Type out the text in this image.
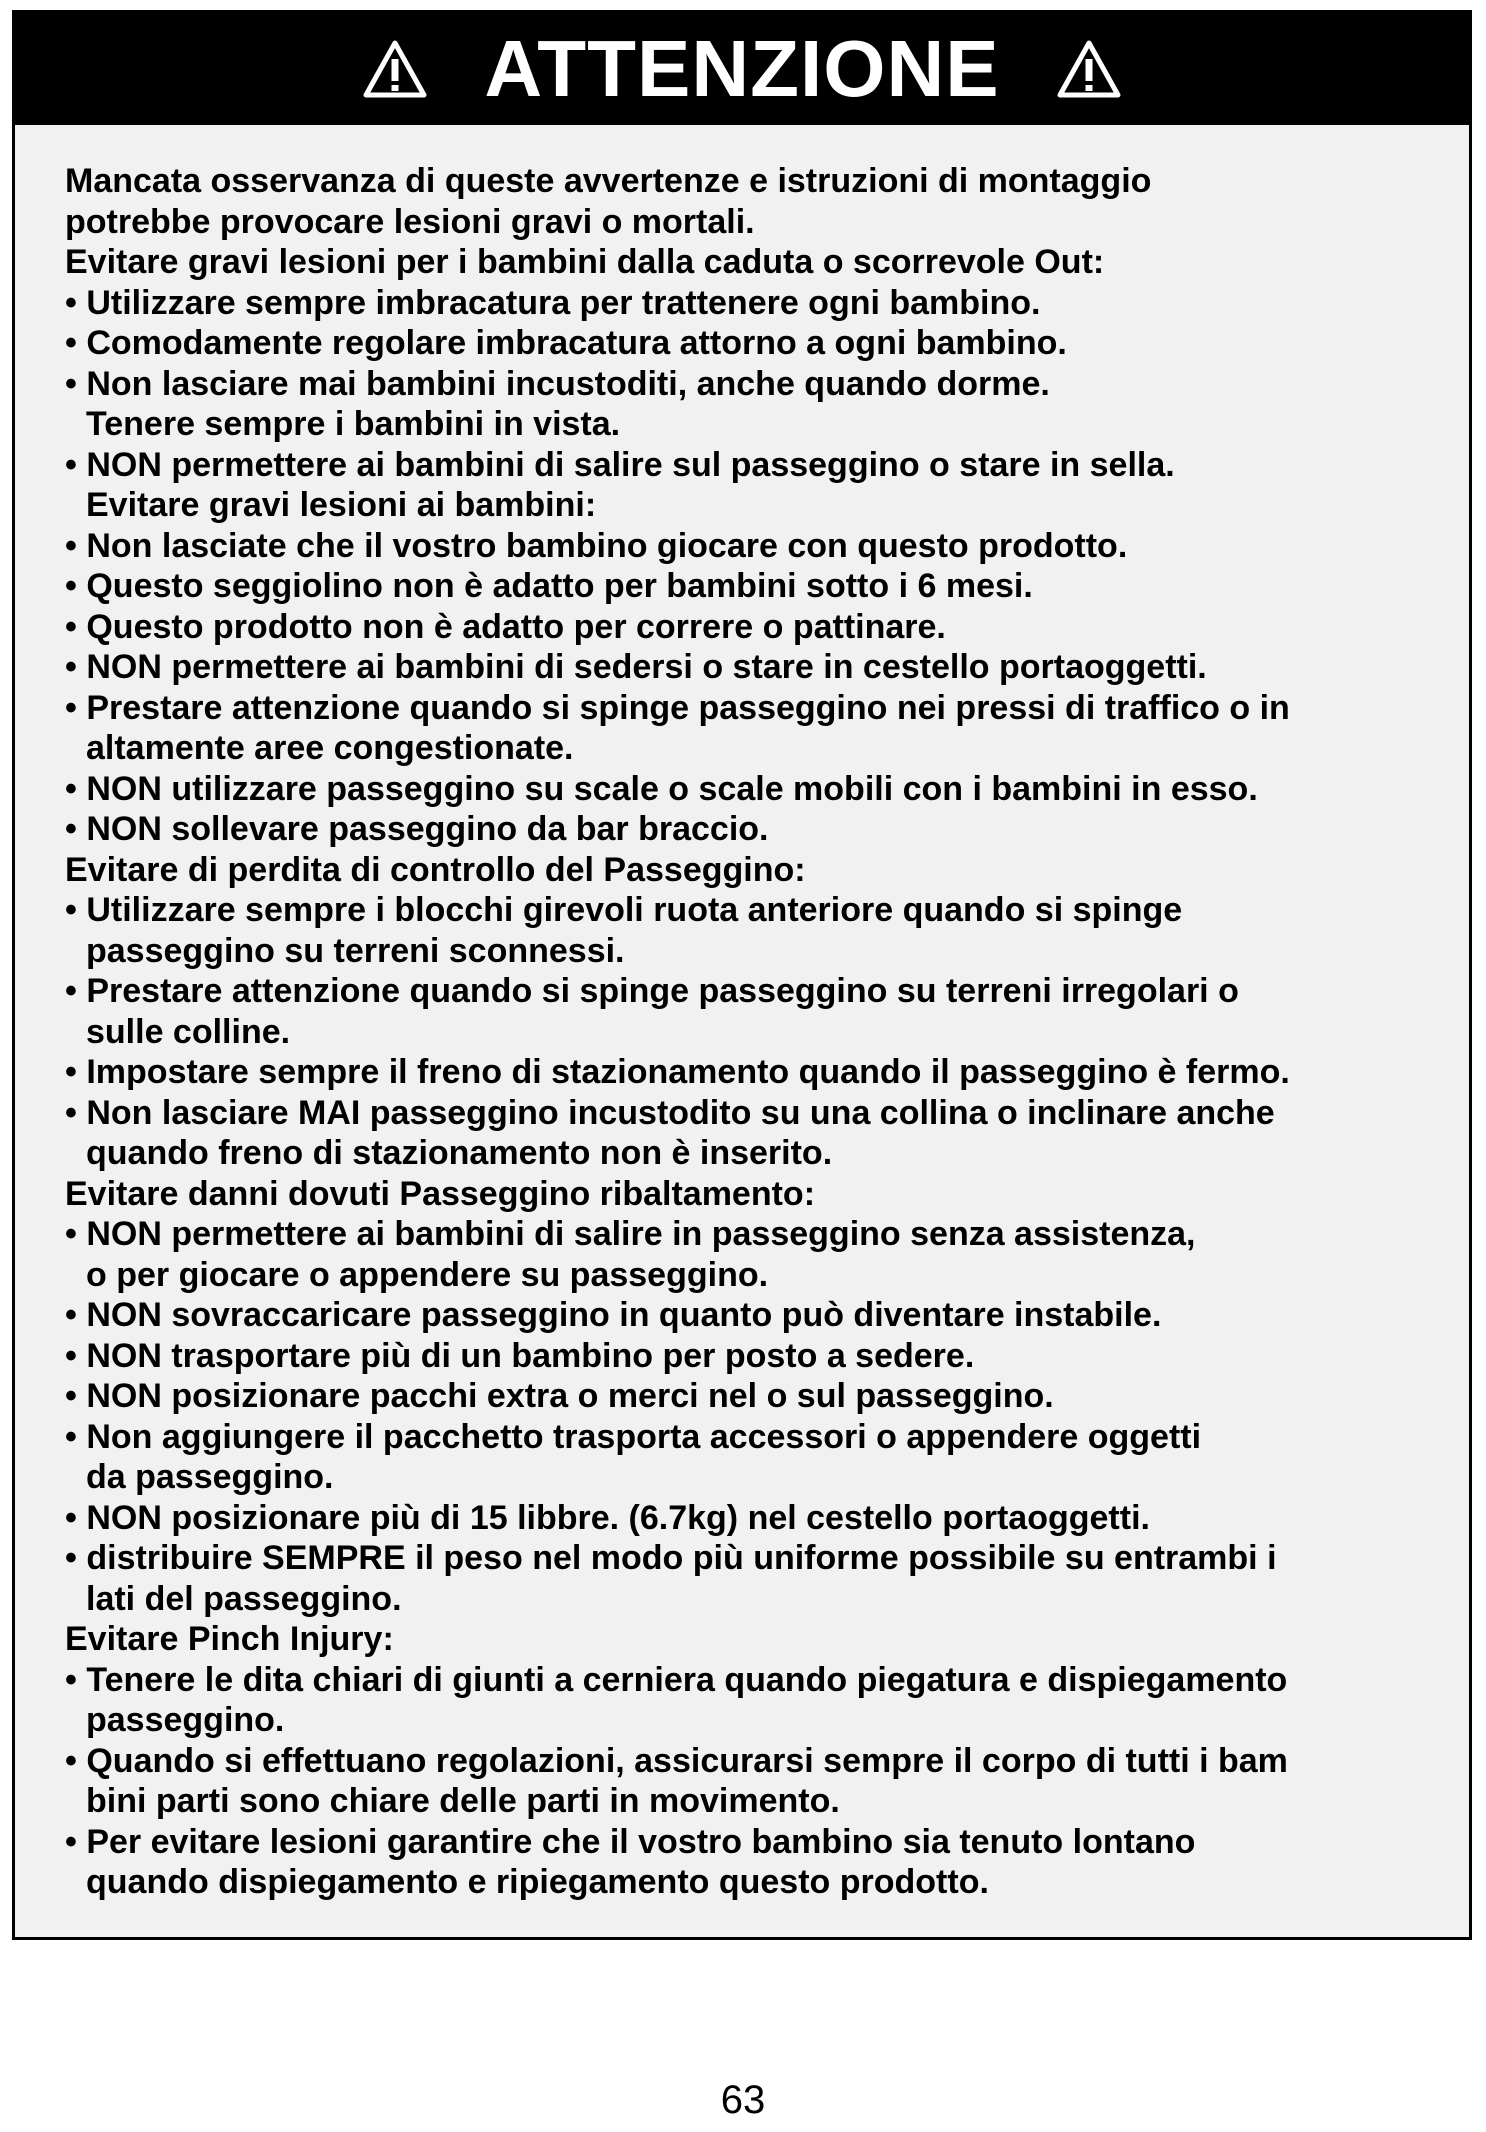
ATTENZIONE
Mancata osservanza di queste avvertenze e istruzioni di montaggio
potrebbe provocare lesioni gravi o mortali.
Evitare gravi lesioni per i bambini dalla caduta o scorrevole Out:
• Utilizzare sempre imbracatura per trattenere ogni bambino.
• Comodamente regolare imbracatura attorno a ogni bambino.
• Non lasciare mai bambini incustoditi, anche quando dorme.
Tenere sempre i bambini in vista.
• NON permettere ai bambini di salire sul passeggino o stare in sella.
Evitare gravi lesioni ai bambini:
• Non lasciate che il vostro bambino giocare con questo prodotto.
• Questo seggiolino non è adatto per bambini sotto i 6 mesi.
• Questo prodotto non è adatto per correre o pattinare.
• NON permettere ai bambini di sedersi o stare in cestello portaoggetti.
• Prestare attenzione quando si spinge passeggino nei pressi di traffico o in
altamente aree congestionate.
• NON utilizzare passeggino su scale o scale mobili con i bambini in esso.
• NON sollevare passeggino da bar braccio.
Evitare di perdita di controllo del Passeggino:
• Utilizzare sempre i blocchi girevoli ruota anteriore quando si spinge
passeggino su terreni sconnessi.
• Prestare attenzione quando si spinge passeggino su terreni irregolari o
sulle colline.
• Impostare sempre il freno di stazionamento quando il passeggino è fermo.
• Non lasciare MAI passeggino incustodito su una collina o inclinare anche
quando freno di stazionamento non è inserito.
Evitare danni dovuti Passeggino ribaltamento:
• NON permettere ai bambini di salire in passeggino senza assistenza,
o per giocare o appendere su passeggino.
• NON sovraccaricare passeggino in quanto può diventare instabile.
• NON trasportare più di un bambino per posto a sedere.
• NON posizionare pacchi extra o merci nel o sul passeggino.
• Non aggiungere il pacchetto trasporta accessori o appendere oggetti
da passeggino.
• NON posizionare più di 15 libbre. (6.7kg) nel cestello portaoggetti.
• distribuire SEMPRE il peso nel modo più uniforme possibile su entrambi i
lati del passeggino.
Evitare Pinch Injury:
• Tenere le dita chiari di giunti a cerniera quando piegatura e dispiegamento
passeggino.
• Quando si effettuano regolazioni, assicurarsi sempre il corpo di tutti i bam
bini parti sono chiare delle parti in movimento.
• Per evitare lesioni garantire che il vostro bambino sia tenuto lontano
quando dispiegamento e ripiegamento questo prodotto.
63
